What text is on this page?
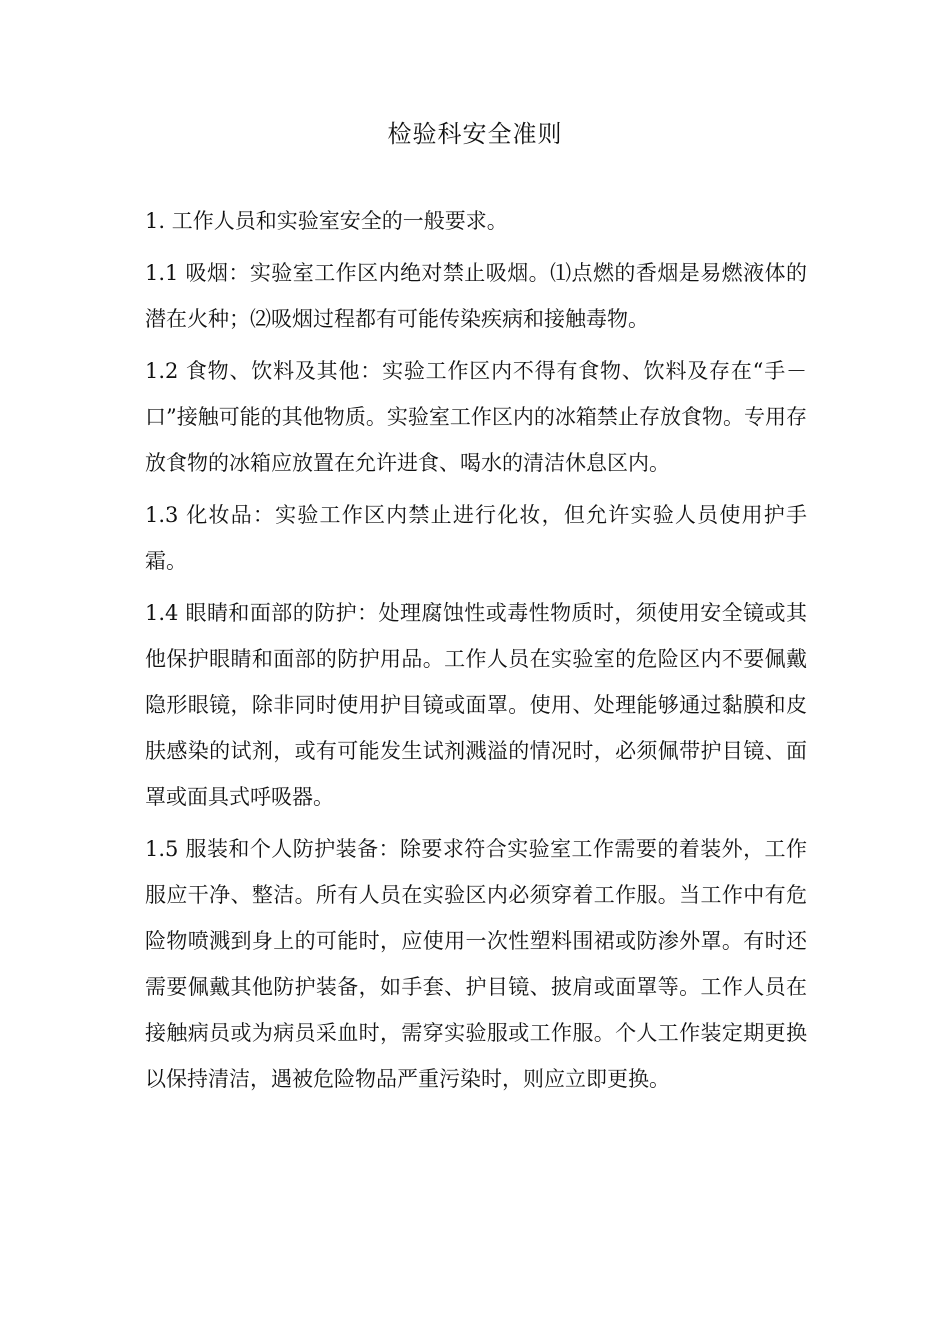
检验科安全准则

1. 工作人员和实验室安全的一般要求。

1.1 吸烟：实验室工作区内绝对禁止吸烟。⑴点燃的香烟是易燃液体的潜在火种；⑵吸烟过程都有可能传染疾病和接触毒物。

1.2 食物、饮料及其他：实验工作区内不得有食物、饮料及存在“手－口”接触可能的其他物质。实验室工作区内的冰箱禁止存放食物。专用存放食物的冰箱应放置在允许进食、喝水的清洁休息区内。

1.3 化妆品：实验工作区内禁止进行化妆，但允许实验人员使用护手霜。

1.4 眼睛和面部的防护：处理腐蚀性或毒性物质时，须使用安全镜或其他保护眼睛和面部的防护用品。工作人员在实验室的危险区内不要佩戴隐形眼镜，除非同时使用护目镜或面罩。使用、处理能够通过黏膜和皮肤感染的试剂，或有可能发生试剂溅溢的情况时，必须佩带护目镜、面罩或面具式呼吸器。

1.5 服装和个人防护装备：除要求符合实验室工作需要的着装外，工作服应干净、整洁。所有人员在实验区内必须穿着工作服。当工作中有危险物喷溅到身上的可能时，应使用一次性塑料围裙或防渗外罩。有时还需要佩戴其他防护装备，如手套、护目镜、披肩或面罩等。工作人员在接触病员或为病员采血时，需穿实验服或工作服。个人工作装定期更换以保持清洁，遇被危险物品严重污染时，则应立即更换。
